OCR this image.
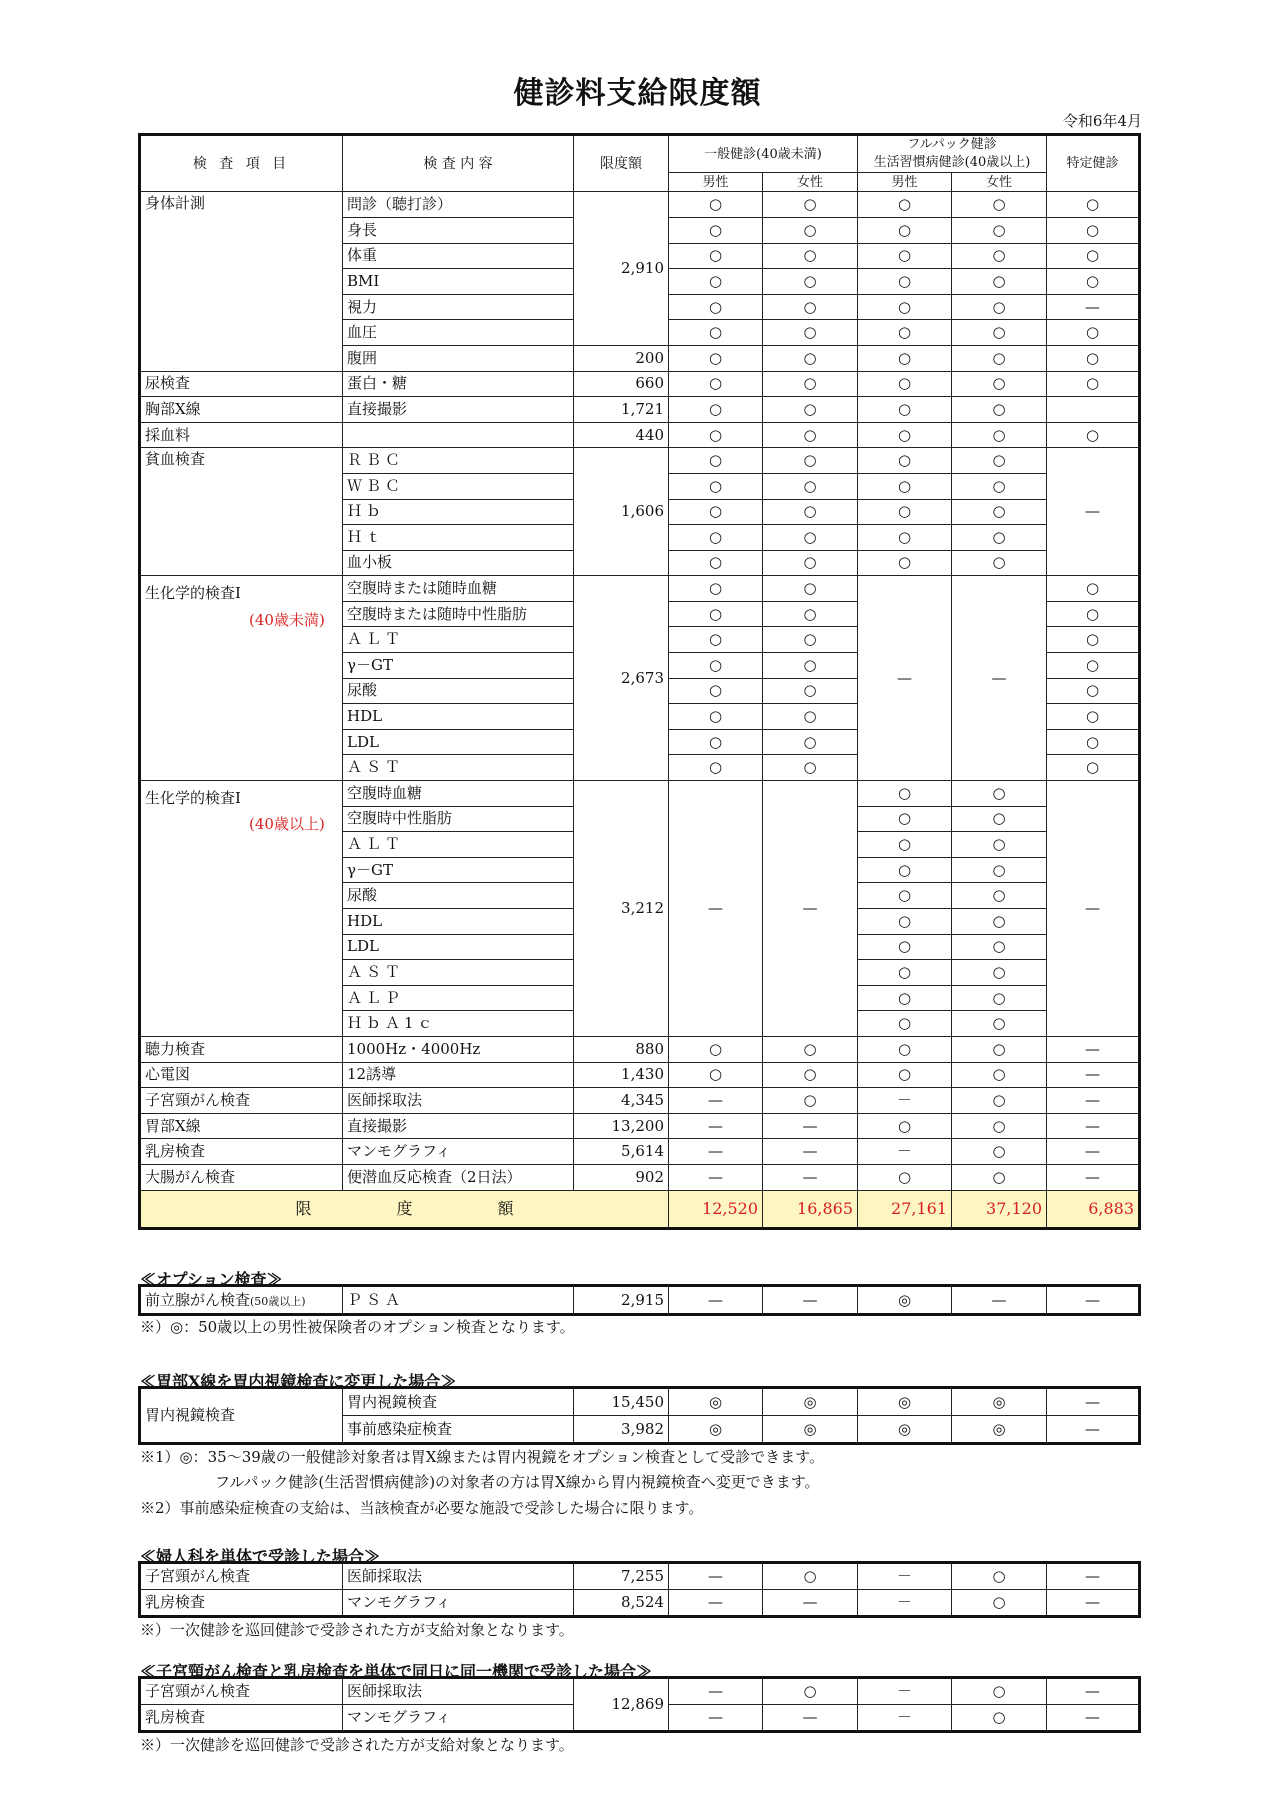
健診料支給限度額
令和6年4月
検 査 項 目	検 査 内 容	限度額	一般健診(40歳未満)		フルパック健診
生活習慣病健診(40歳以上)		特定健診
			男性	女性	男性	女性	
身体計測	問診（聴打診）	2,910	○	○	○	○	○
	身長		○	○	○	○	○
	体重		○	○	○	○	○
	BMI		○	○	○	○	○
	視力		○	○	○	○	—
	血圧		○	○	○	○	○
	腹囲	200	○	○	○	○	○
尿検査	蛋白・糖	660	○	○	○	○	○
胸部X線	直接撮影	1,721	○	○	○	○	
採血料		440	○	○	○	○	○
貧血検査	ＲＢＣ	1,606	○	○	○	○	—
	ＷＢＣ		○	○	○	○	
	Ｈｂ		○	○	○	○	
	Ｈｔ		○	○	○	○	
	血小板		○	○	○	○	
生化学的検査Ⅰ
(40歳未満)	空腹時または随時血糖	2,673	○	○	—	—	○
	空腹時または随時中性脂肪		○	○			○
	ＡＬＴ		○	○			○
	γ－GT		○	○			○
	尿酸		○	○			○
	HDL		○	○			○
	LDL		○	○			○
	ＡＳＴ		○	○			○
生化学的検査Ⅰ
(40歳以上)	空腹時血糖	3,212	—	—	○	○	—
	空腹時中性脂肪				○	○	
	ＡＬＴ				○	○	
	γ－GT				○	○	
	尿酸				○	○	
	HDL				○	○	
	LDL				○	○	
	ＡＳＴ				○	○	
	ＡＬＰ				○	○	
	ＨｂＡ1ｃ				○	○	
聴力検査	1000Hz・4000Hz	880	○	○	○	○	—
心電図	12誘導	1,430	○	○	○	○	—
子宮頸がん検査	医師採取法	4,345	—	○	－	○	—
胃部X線	直接撮影	13,200	—	—	○	○	—
乳房検査	マンモグラフィ	5,614	—	—	－	○	—
大腸がん検査	便潜血反応検査（2日法）	902	—	—	○	○	—
限 度 額			12,520	16,865	27,161	37,120	6,883
≪オプション検査≫
前立腺がん検査(50歳以上)	ＰＳＡ	2,915	—	—	◎	—	—
※）◎：50歳以上の男性被保険者のオプション検査となります。
≪胃部X線を胃内視鏡検査に変更した場合≫
胃内視鏡検査	胃内視鏡検査	15,450	◎	◎	◎	◎	—
	事前感染症検査	3,982	◎	◎	◎	◎	—
※1）◎：35～39歳の一般健診対象者は胃X線または胃内視鏡をオプション検査として受診できます。
フルパック健診(生活習慣病健診)の対象者の方は胃X線から胃内視鏡検査へ変更できます。
※2）事前感染症検査の支給は、当該検査が必要な施設で受診した場合に限ります。
≪婦人科を単体で受診した場合≫
子宮頸がん検査	医師採取法	7,255	—	○	－	○	—
乳房検査	マンモグラフィ	8,524	—	—	－	○	—
※）一次健診を巡回健診で受診された方が支給対象となります。
≪子宮頸がん検査と乳房検査を単体で同日に同一機関で受診した場合≫
子宮頸がん検査	医師採取法	12,869	—	○	－	○	—
乳房検査	マンモグラフィ		—	—	－	○	—
※）一次健診を巡回健診で受診された方が支給対象となります。
